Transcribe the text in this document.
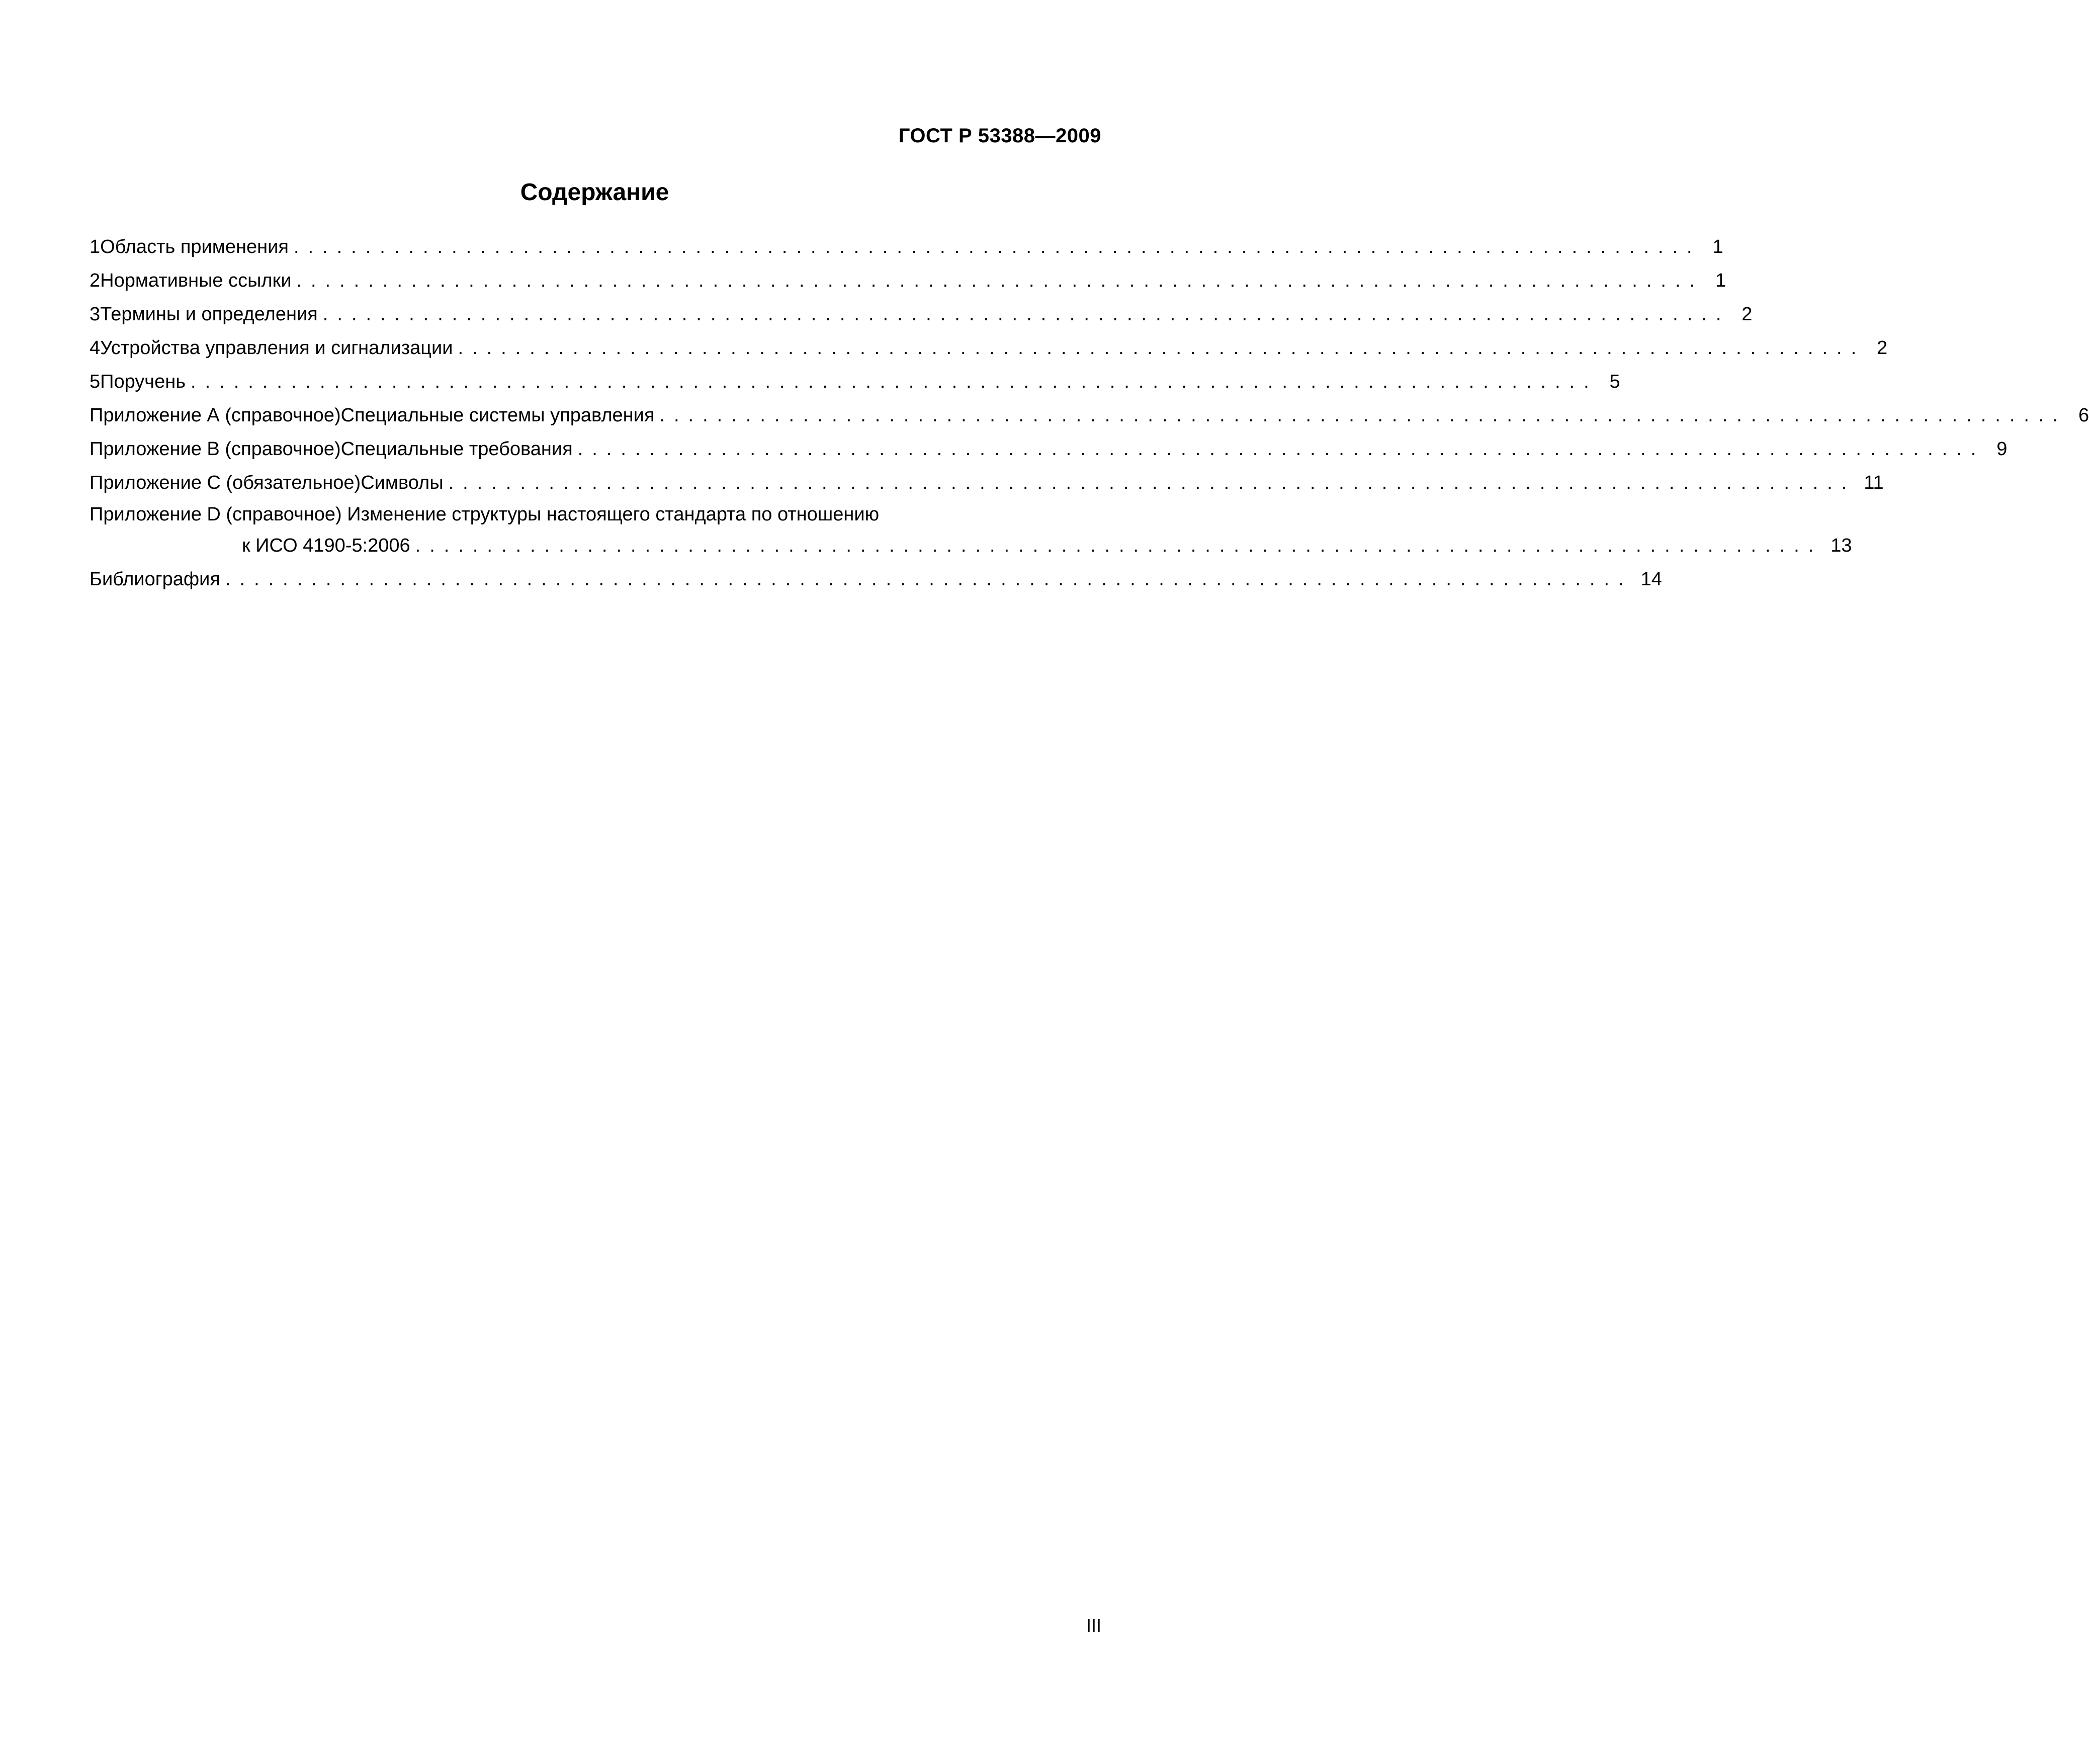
ГОСТ Р 53388—2009
Содержание
1 Область применения .................................................................................................. 1
2 Нормативные ссылки .................................................................................................. 1
3 Термины и определения .................................................................................................. 2
4 Устройства управления и сигнализации .................................................................................................. 2
5 Поручень .................................................................................................. 5
Приложение А (справочное) Специальные системы управления .................................................................................................. 6
Приложение В (справочное) Специальные требования .................................................................................................. 9
Приложение С (обязательное) Символы .................................................................................................. 11
Приложение D (справочное) Изменение структуры настоящего стандарта по отношению
к ИСО 4190-5:2006 .................................................................................................. 13
Библиография .................................................................................................. 14
III
